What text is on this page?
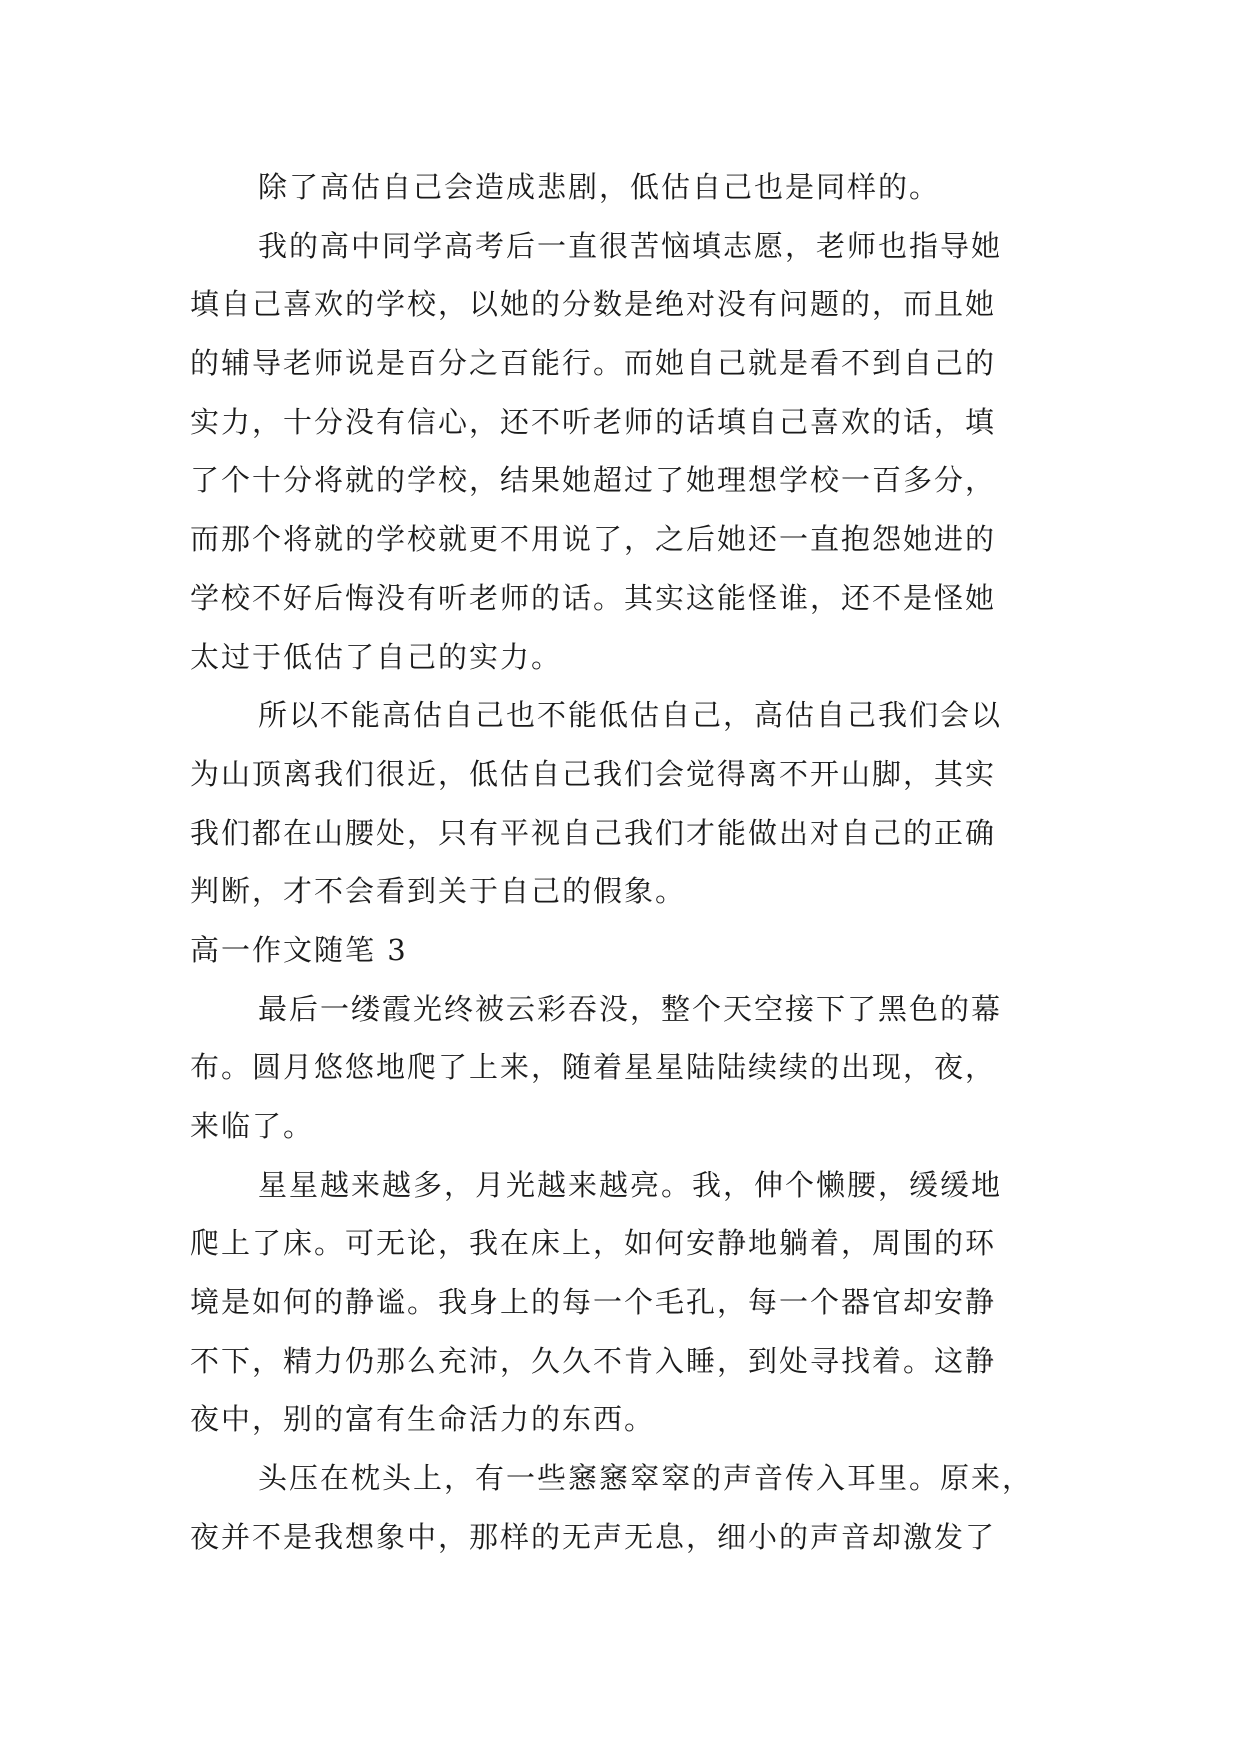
除了高估自己会造成悲剧，低估自己也是同样的。
我的高中同学高考后一直很苦恼填志愿，老师也指导她
填自己喜欢的学校，以她的分数是绝对没有问题的，而且她
的辅导老师说是百分之百能行。而她自己就是看不到自己的
实力，十分没有信心，还不听老师的话填自己喜欢的话，填
了个十分将就的学校，结果她超过了她理想学校一百多分，
而那个将就的学校就更不用说了，之后她还一直抱怨她进的
学校不好后悔没有听老师的话。其实这能怪谁，还不是怪她
太过于低估了自己的实力。
所以不能高估自己也不能低估自己，高估自己我们会以
为山顶离我们很近，低估自己我们会觉得离不开山脚，其实
我们都在山腰处，只有平视自己我们才能做出对自己的正确
判断，才不会看到关于自己的假象。
高一作文随笔 3
最后一缕霞光终被云彩吞没，整个天空接下了黑色的幕
布。圆月悠悠地爬了上来，随着星星陆陆续续的出现，夜，
来临了。
星星越来越多，月光越来越亮。我，伸个懒腰，缓缓地
爬上了床。可无论，我在床上，如何安静地躺着，周围的环
境是如何的静谧。我身上的每一个毛孔，每一个器官却安静
不下，精力仍那么充沛，久久不肯入睡，到处寻找着。这静
夜中，别的富有生命活力的东西。
头压在枕头上，有一些窸窸窣窣的声音传入耳里。原来，
夜并不是我想象中，那样的无声无息，细小的声音却激发了
